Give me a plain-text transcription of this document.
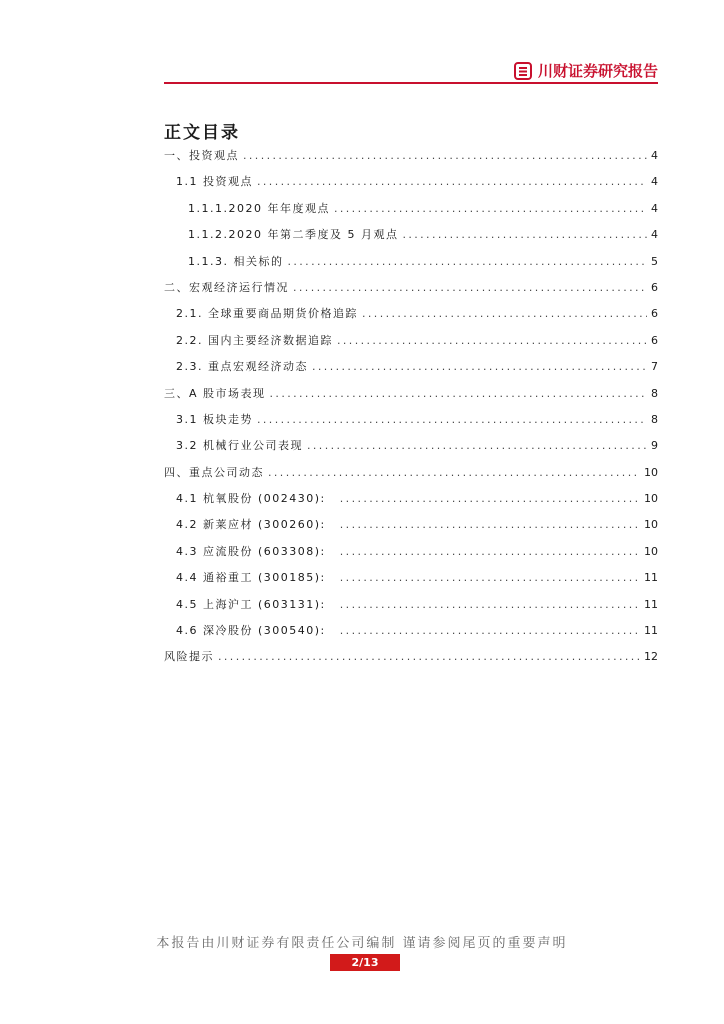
川财证券研究报告
正文目录
一、投资观点 .....	4
1.1 投资观点 .....	4
1.1.1.2020 年年度观点 .....	4
1.1.2.2020 年第二季度及 5 月观点 .....	4
1.1.3. 相关标的 .....	5
二、宏观经济运行情况 .....	6
2.1. 全球重要商品期货价格追踪 .....	6
2.2. 国内主要经济数据追踪 .....	6
2.3. 重点宏观经济动态 .....	7
三、A 股市场表现 .....	8
3.1 板块走势 .....	8
3.2 机械行业公司表现 .....	9
四、重点公司动态 .....	10
4.1 杭氧股份 (002430): .....	10
4.2 新莱应材 (300260): .....	10
4.3 应流股份 (603308): .....	10
4.4 通裕重工 (300185): .....	11
4.5 上海沪工 (603131): .....	11
4.6 深冷股份 (300540): .....	11
风险提示 .....	12
本报告由川财证券有限责任公司编制 谨请参阅尾页的重要声明
2/13
